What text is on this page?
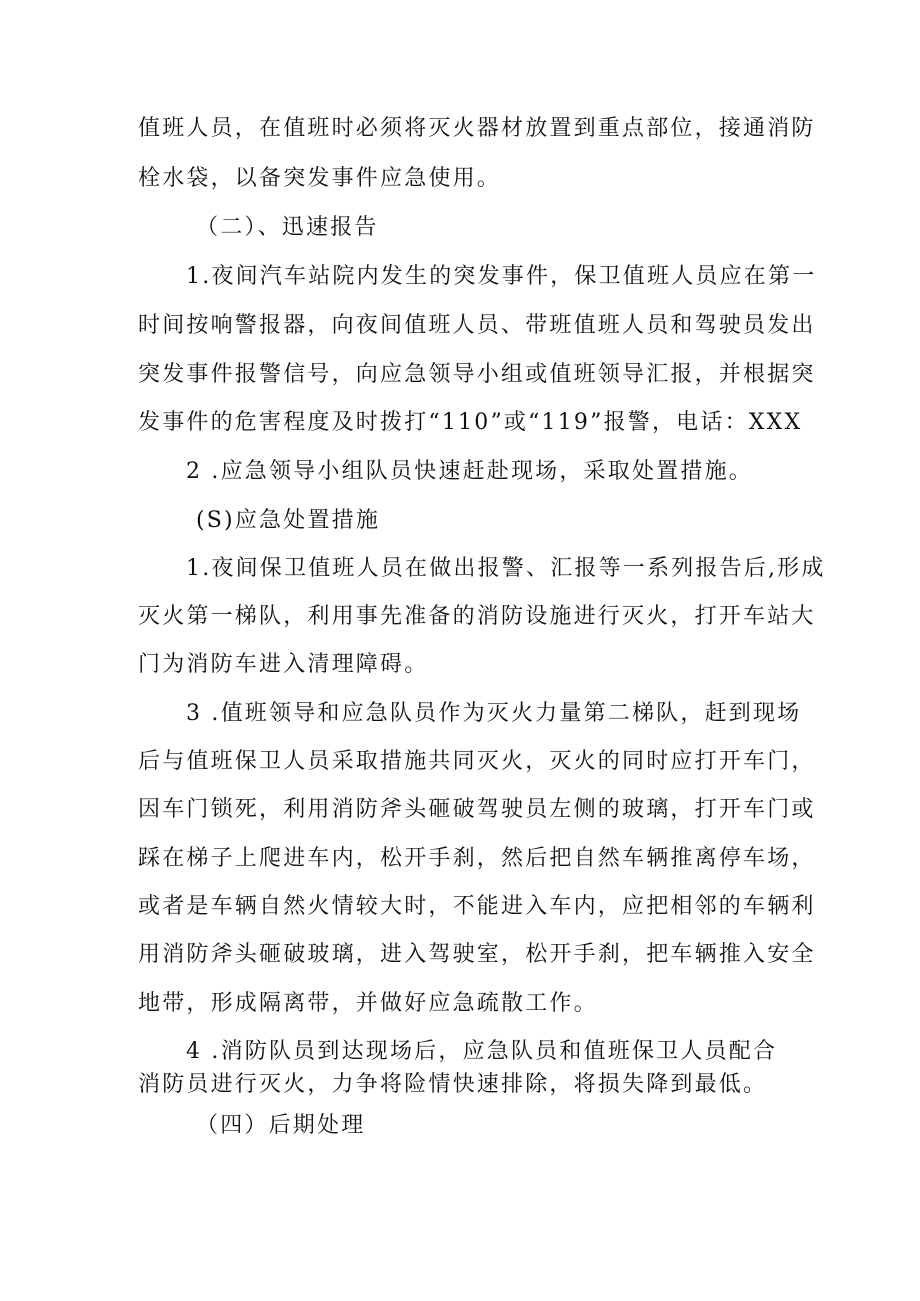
值班人员，在值班时必须将灭火器材放置到重点部位，接通消防

栓水袋，以备突发事件应急使用。

（二）、迅速报告

1.夜间汽车站院内发生的突发事件，保卫值班人员应在第一

时间按响警报器，向夜间值班人员、带班值班人员和驾驶员发出

突发事件报警信号，向应急领导小组或值班领导汇报，并根据突

发事件的危害程度及时拨打“110”或“119”报警，电话：XXX

2 .应急领导小组队员快速赶赴现场，采取处置措施。

(S)应急处置措施

1.夜间保卫值班人员在做出报警、汇报等一系列报告后,形成

灭火第一梯队，利用事先准备的消防设施进行灭火，打开车站大

门为消防车进入清理障碍。

3 .值班领导和应急队员作为灭火力量第二梯队，赶到现场

后与值班保卫人员采取措施共同灭火，灭火的同时应打开车门，

因车门锁死，利用消防斧头砸破驾驶员左侧的玻璃，打开车门或

踩在梯子上爬进车内，松开手刹，然后把自然车辆推离停车场，

或者是车辆自然火情较大时，不能进入车内，应把相邻的车辆利

用消防斧头砸破玻璃，进入驾驶室，松开手刹，把车辆推入安全

地带，形成隔离带，并做好应急疏散工作。

4 .消防队员到达现场后，应急队员和值班保卫人员配合

消防员进行灭火，力争将险情快速排除，将损失降到最低。

（四）后期处理
